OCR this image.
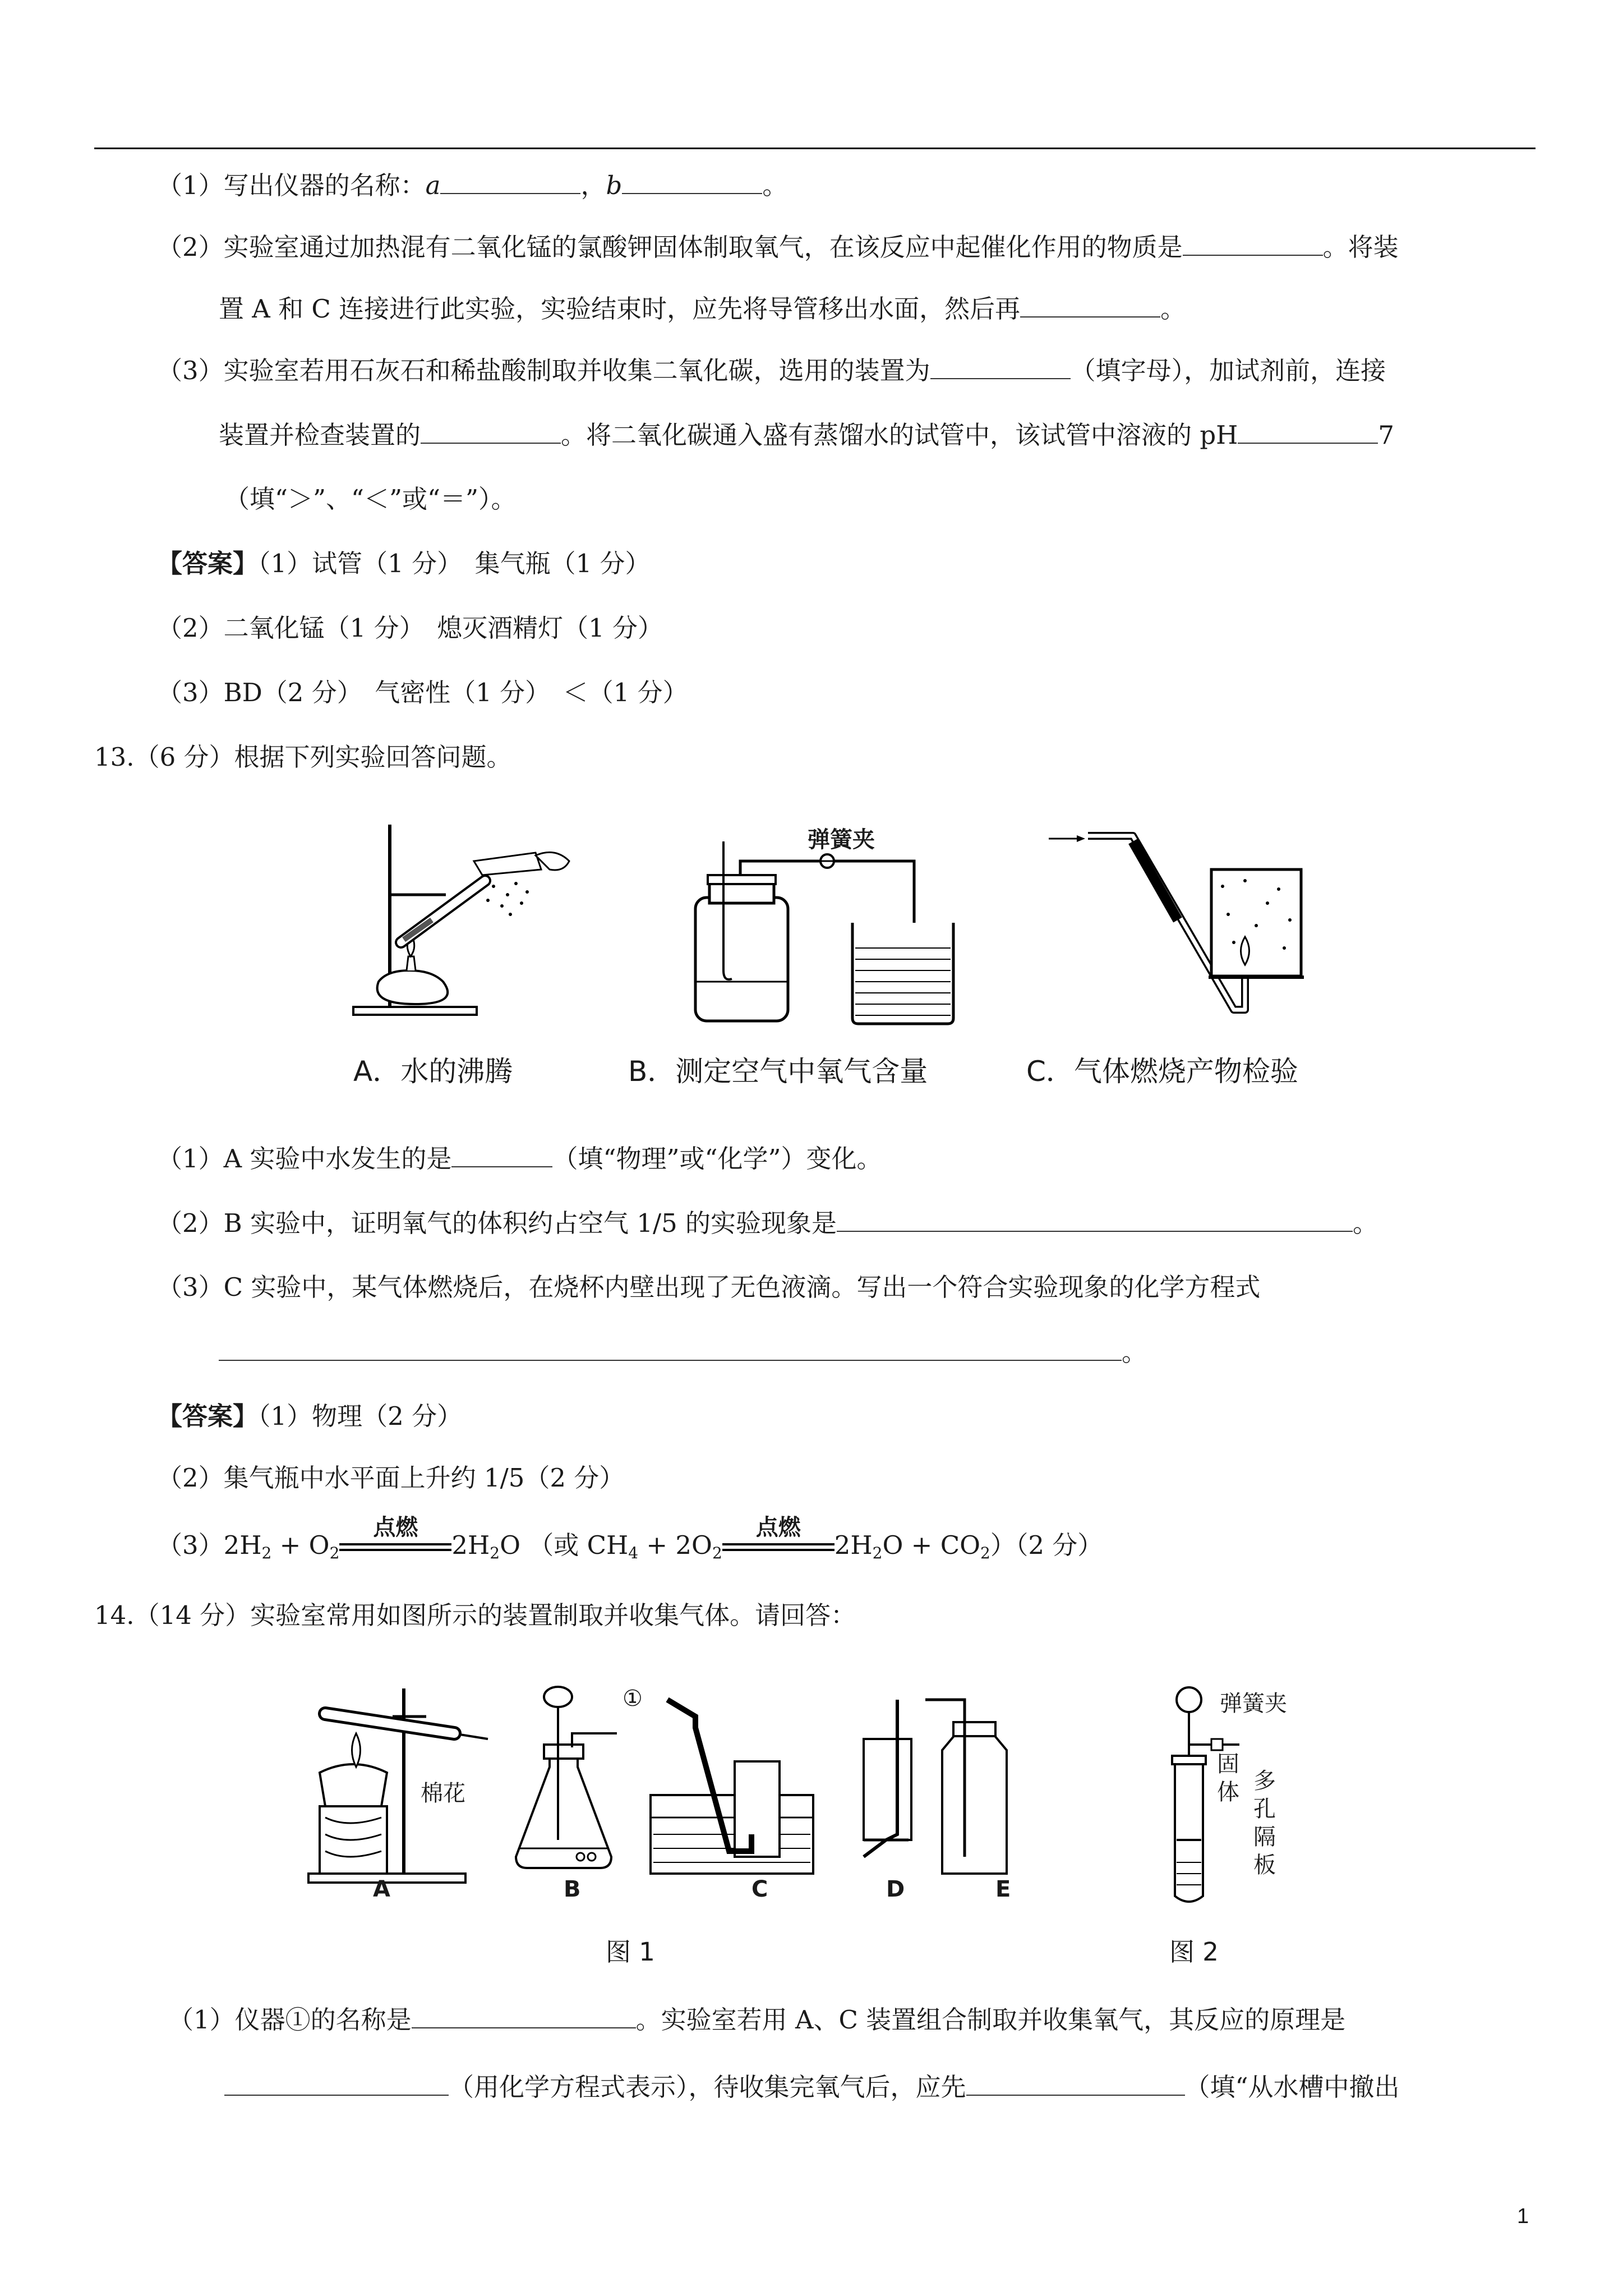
（1）写出仪器的名称：a	，b	。
（2）实验室通过加热混有二氧化锰的氯酸钾固体制取氧气，在该反应中起催化作用的物质是	。将装
置 A 和 C 连接进行此实验，实验结束时，应先将导管移出水面，然后再	。
（3）实验室若用石灰石和稀盐酸制取并收集二氧化碳，选用的装置为	（填字母），加试剂前，连接
装置并检查装置的	。将二氧化碳通入盛有蒸馏水的试管中，该试管中溶液的 pH	7
（填“＞”、“＜”或“＝”）。
【答案】（1）试管（1 分）　集气瓶（1 分）
（2）二氧化锰（1 分）　熄灭酒精灯（1 分）
（3）BD（2 分）　气密性（1 分）　＜（1 分）
13.（6 分）根据下列实验回答问题。
弹簧夹
A．水的沸腾	B．测定空气中氧气含量	C．气体燃烧产物检验
（1）A 实验中水发生的是	（填“物理”或“化学”）变化。
（2）B 实验中，证明氧气的体积约占空气 1/5 的实验现象是	。
（3）C 实验中，某气体燃烧后，在烧杯内壁出现了无色液滴。写出一个符合实验现象的化学方程式
。
【答案】（1）物理（2 分）
（2）集气瓶中水平面上升约 1/5（2 分）
$(3)2H_2 + O_2$
点燃
$2H_2O$ （或 $CH_4 + 2O_2$
点燃
$2H_2O + CO_2)(2$ 分）
14.（14 分）实验室常用如图所示的装置制取并收集气体。请回答：
棉花
①
A	B	C	D	E
弹簧夹
固体 多孔隔板
图 1	图 2
（1）仪器①的名称是	。实验室若用 A、C 装置组合制取并收集氧气，其反应的原理是
（用化学方程式表示），待收集完氧气后，应先	（填“从水槽中撤出
1
